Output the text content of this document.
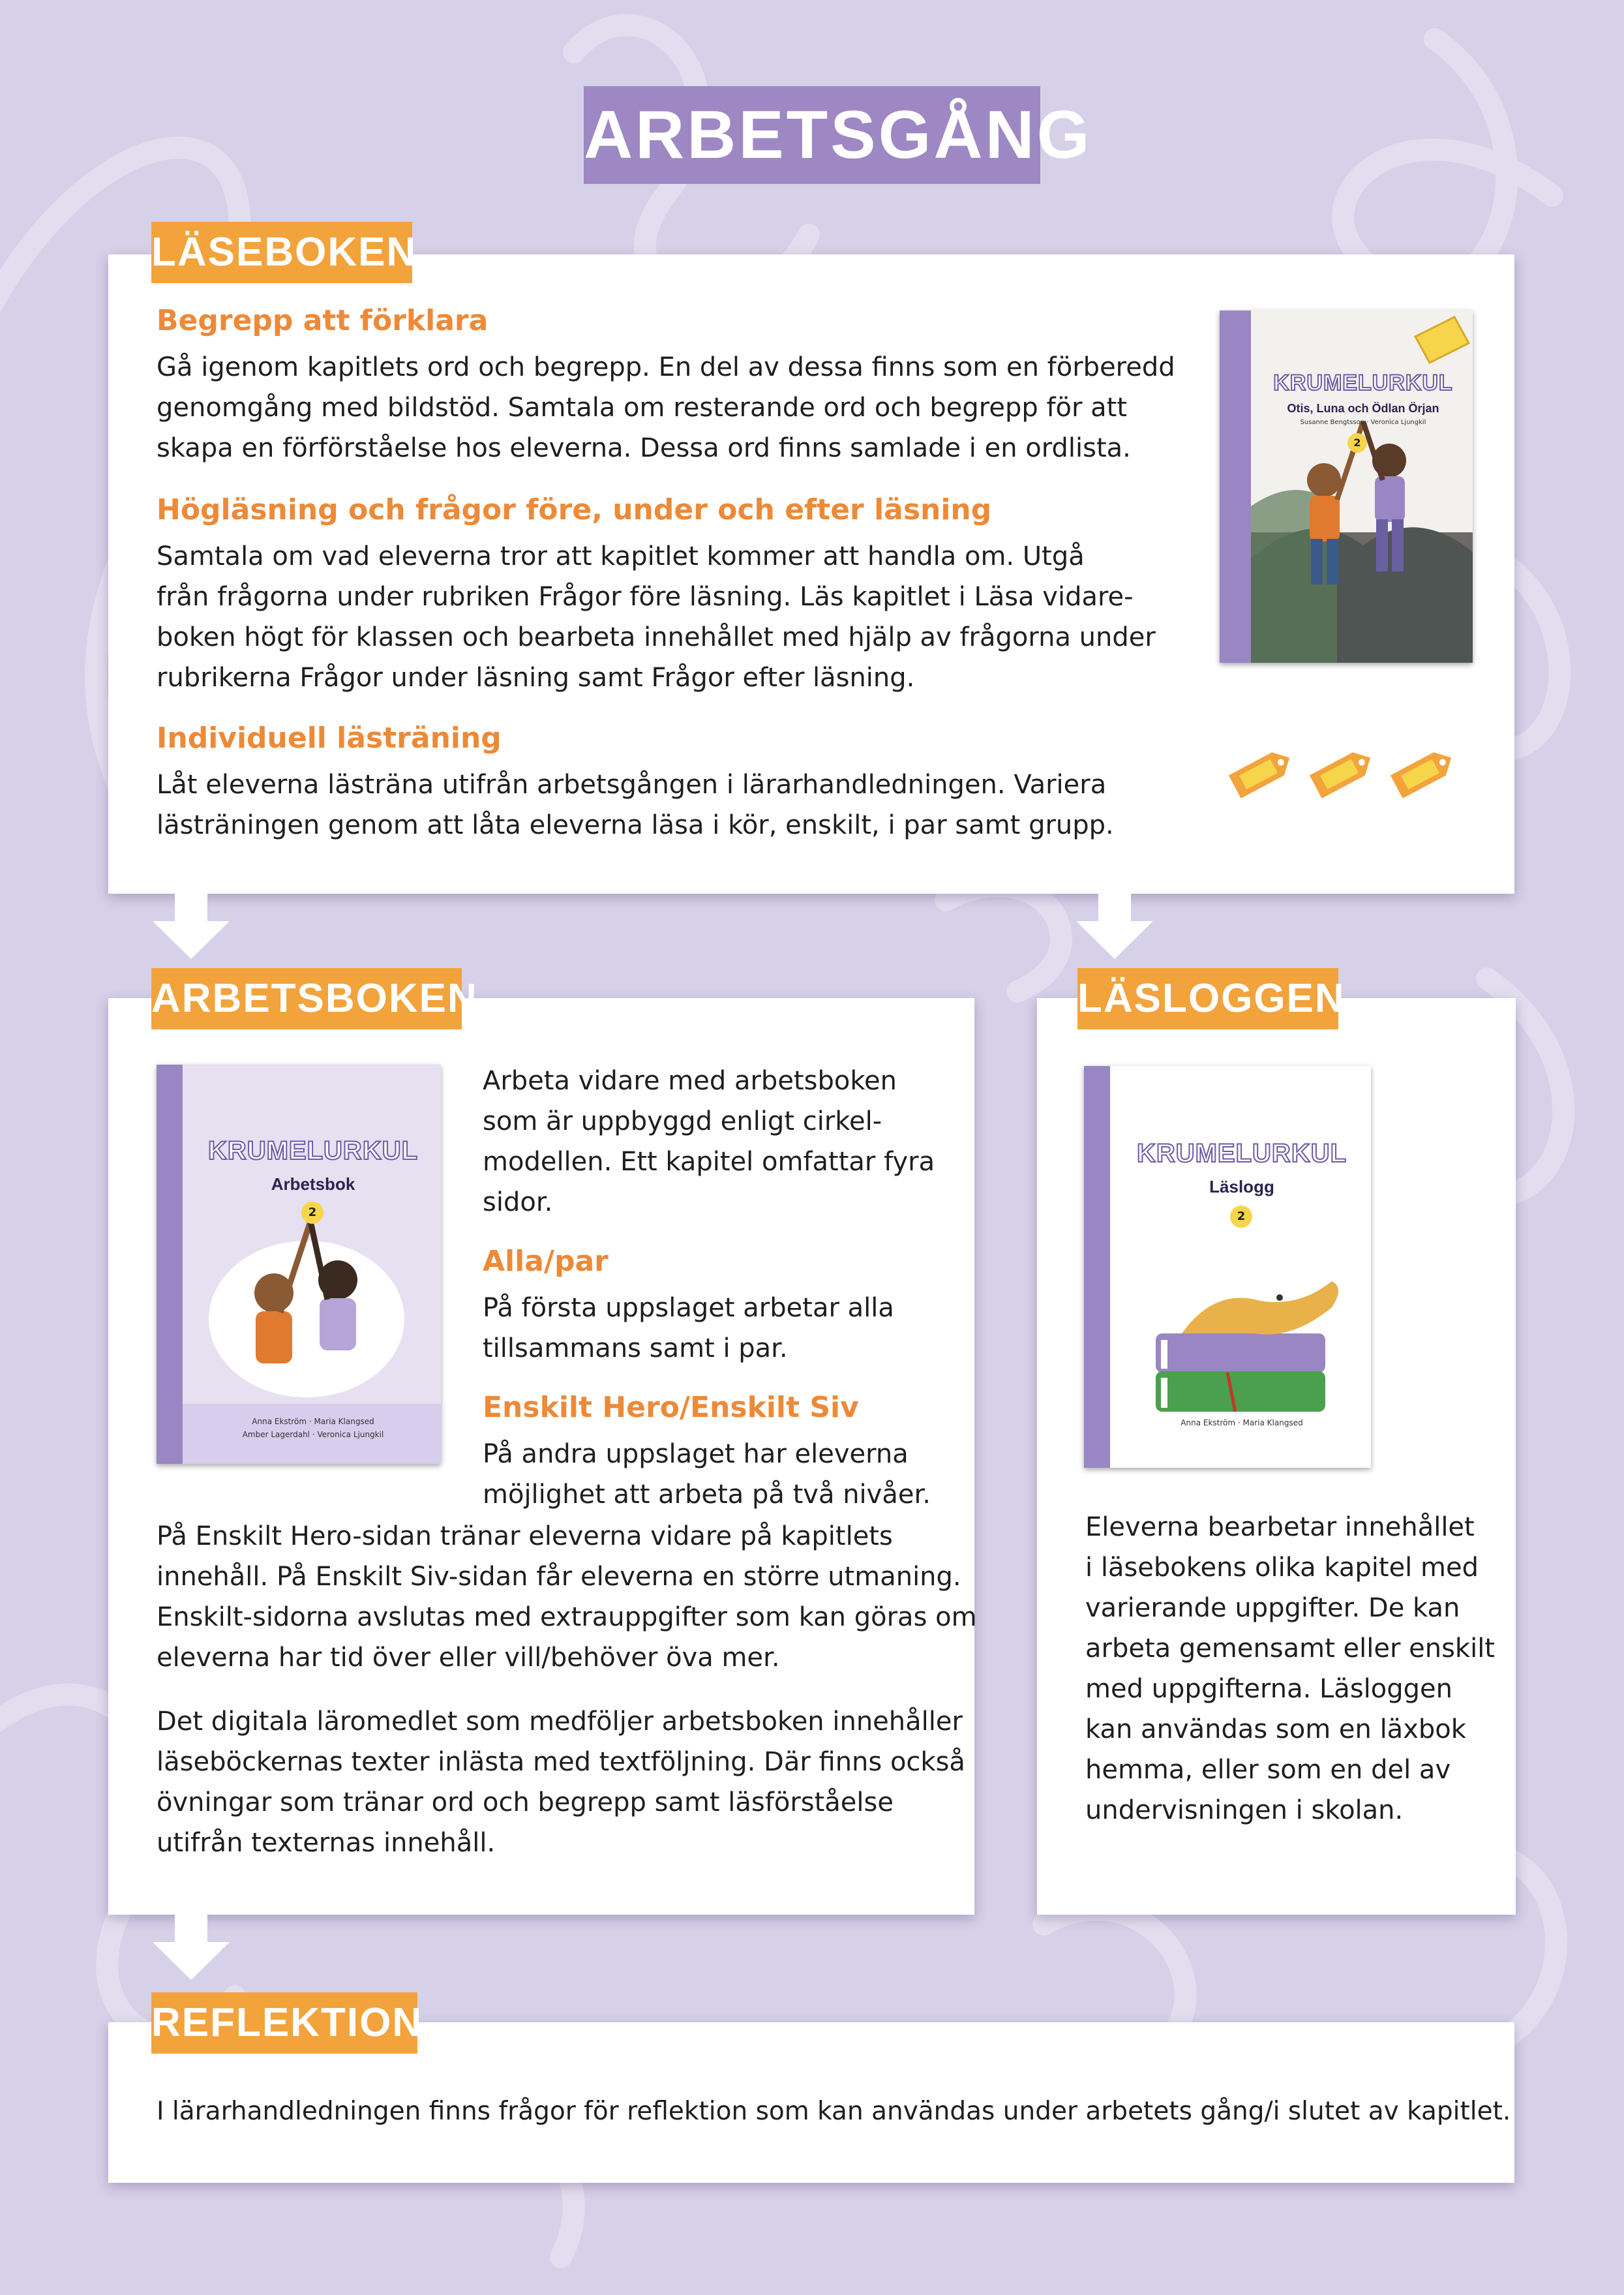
ARBETSGÅNG
LÄSEBOKEN
Begrepp att förklara

Gå igenom kapitlets ord och begrepp. En del av dessa finns som en förberedd
genomgång med bildstöd. Samtala om resterande ord och begrepp för att
skapa en förförståelse hos eleverna. Dessa ord finns samlade i en ordlista.

Högläsning och frågor före, under och efter läsning

Samtala om vad eleverna tror att kapitlet kommer att handla om. Utgå
från frågorna under rubriken Frågor före läsning. Läs kapitlet i Läsa vidare-
boken högt för klassen och bearbeta innehållet med hjälp av frågorna under
rubrikerna Frågor under läsning samt Frågor efter läsning.

Individuell lästräning

Låt eleverna lästräna utifrån arbetsgången i lärarhandledningen. Variera
lästräningen genom att låta eleverna läsa i kör, enskilt, i par samt grupp.

KRUMELURKUL
Otis, Luna och Ödlan Örjan
Susanne Bengtsson · Veronica Ljungkil
2
ARBETSBOKEN
KRUMELURKUL
Arbetsbok
2
Anna Ekström · Maria Klangsed
Amber Lagerdahl · Veronica Ljungkil

Arbeta vidare med arbetsboken
som är uppbyggd enligt cirkel-
modellen. Ett kapitel omfattar fyra
sidor.

Alla/par

På första uppslaget arbetar alla
tillsammans samt i par.

Enskilt Hero/Enskilt Siv

På andra uppslaget har eleverna
möjlighet att arbeta på två nivåer.

På Enskilt Hero-sidan tränar eleverna vidare på kapitlets
innehåll. På Enskilt Siv-sidan får eleverna en större utmaning.
Enskilt-sidorna avslutas med extrauppgifter som kan göras om
eleverna har tid över eller vill/behöver öva mer.

Det digitala läromedlet som medföljer arbetsboken innehåller
läseböckernas texter inlästa med textföljning. Där finns också
övningar som tränar ord och begrepp samt läsförståelse
utifrån texternas innehåll.

LÄSLOGGEN
KRUMELURKUL
Läslogg
2
Anna Ekström · Maria Klangsed

Eleverna bearbetar innehållet
i läsebokens olika kapitel med
varierande uppgifter. De kan
arbeta gemensamt eller enskilt
med uppgifterna. Läsloggen
kan användas som en läxbok
hemma, eller som en del av
undervisningen i skolan.

REFLEKTION

I lärarhandledningen finns frågor för reflektion som kan användas under arbetets gång/i slutet av kapitlet.
